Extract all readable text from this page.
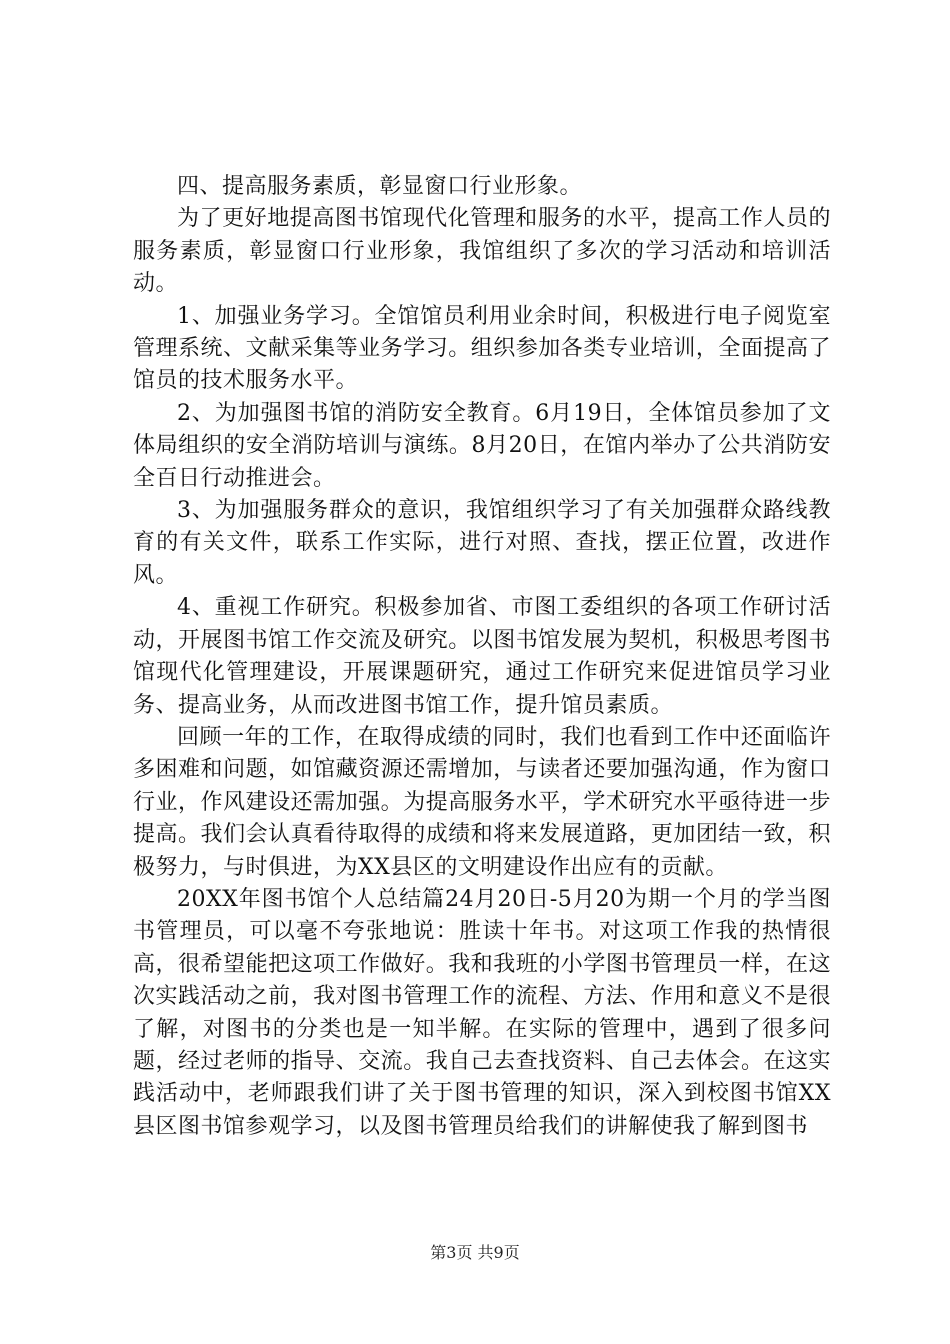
四、提高服务素质，彰显窗口行业形象。

为了更好地提高图书馆现代化管理和服务的水平，提高工作人员的服务素质，彰显窗口行业形象，我馆组织了多次的学习活动和培训活动。

1、加强业务学习。全馆馆员利用业余时间，积极进行电子阅览室管理系统、文献采集等业务学习。组织参加各类专业培训，全面提高了馆员的技术服务水平。

2、为加强图书馆的消防安全教育。6月19日，全体馆员参加了文体局组织的安全消防培训与演练。8月20日，在馆内举办了公共消防安全百日行动推进会。

3、为加强服务群众的意识，我馆组织学习了有关加强群众路线教育的有关文件，联系工作实际，进行对照、查找，摆正位置，改进作风。

4、重视工作研究。积极参加省、市图工委组织的各项工作研讨活动，开展图书馆工作交流及研究。以图书馆发展为契机，积极思考图书馆现代化管理建设，开展课题研究，通过工作研究来促进馆员学习业务、提高业务，从而改进图书馆工作，提升馆员素质。

回顾一年的工作，在取得成绩的同时，我们也看到工作中还面临许多困难和问题，如馆藏资源还需增加，与读者还要加强沟通，作为窗口行业，作风建设还需加强。为提高服务水平，学术研究水平亟待进一步提高。我们会认真看待取得的成绩和将来发展道路，更加团结一致，积极努力，与时俱进，为XX县区的文明建设作出应有的贡献。

20XX年图书馆个人总结篇24月20日-5月20为期一个月的学当图书管理员，可以毫不夸张地说：胜读十年书。对这项工作我的热情很高，很希望能把这项工作做好。我和我班的小学图书管理员一样，在这次实践活动之前，我对图书管理工作的流程、方法、作用和意义不是很了解，对图书的分类也是一知半解。在实际的管理中，遇到了很多问题，经过老师的指导、交流。我自己去查找资料、自己去体会。在这实践活动中，老师跟我们讲了关于图书管理的知识，深入到校图书馆XX县区图书馆参观学习，以及图书管理员给我们的讲解使我了解到图书

第3页 共9页
